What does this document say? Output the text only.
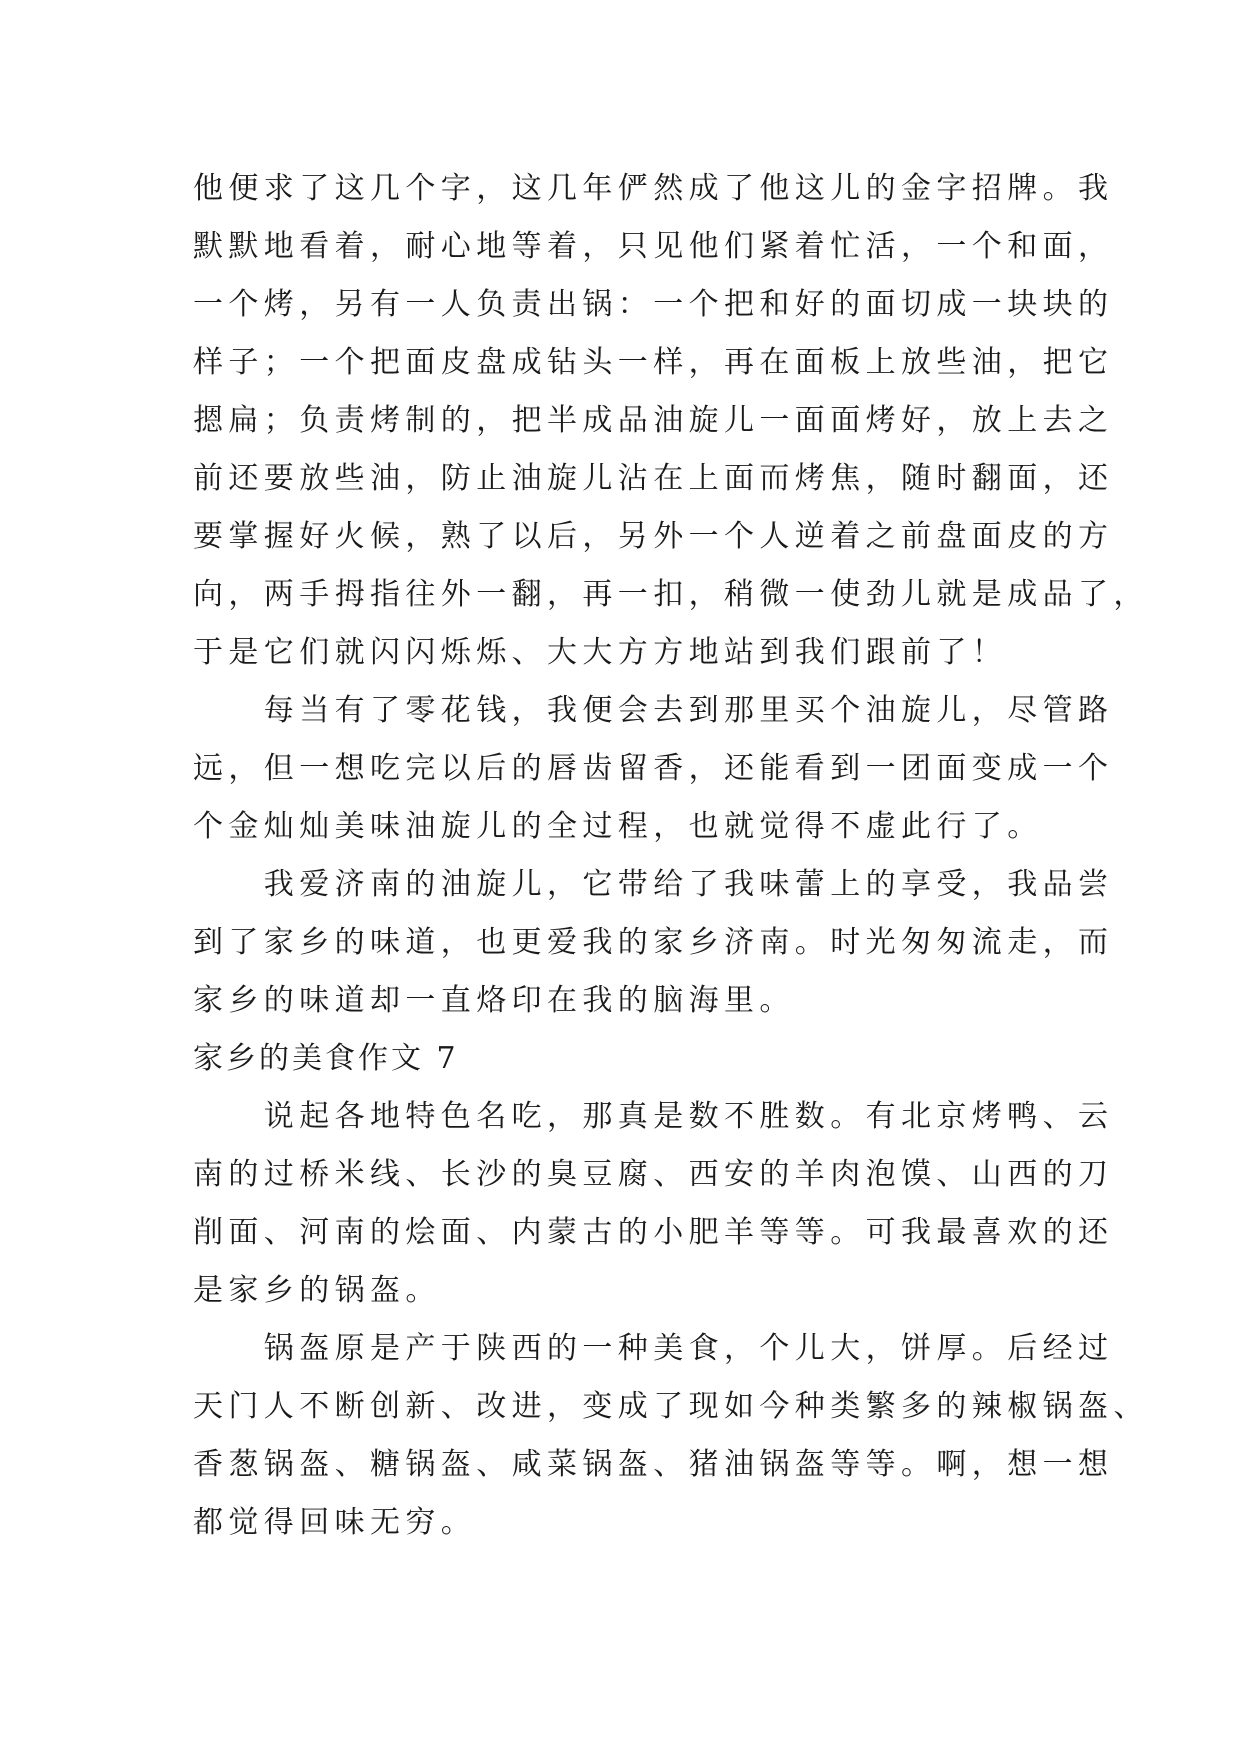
他便求了这几个字，这几年俨然成了他这儿的金字招牌。我
默默地看着，耐心地等着，只见他们紧着忙活，一个和面，
一个烤，另有一人负责出锅：一个把和好的面切成一块块的
样子；一个把面皮盘成钻头一样，再在面板上放些油，把它
摁扁；负责烤制的，把半成品油旋儿一面面烤好，放上去之
前还要放些油，防止油旋儿沾在上面而烤焦，随时翻面，还
要掌握好火候，熟了以后，另外一个人逆着之前盘面皮的方
向，两手拇指往外一翻，再一扣，稍微一使劲儿就是成品了，
于是它们就闪闪烁烁、大大方方地站到我们跟前了！
　　每当有了零花钱，我便会去到那里买个油旋儿，尽管路
远，但一想吃完以后的唇齿留香，还能看到一团面变成一个
个金灿灿美味油旋儿的全过程，也就觉得不虚此行了。
　　我爱济南的油旋儿，它带给了我味蕾上的享受，我品尝
到了家乡的味道，也更爱我的家乡济南。时光匆匆流走，而
家乡的味道却一直烙印在我的脑海里。
家乡的美食作文 7
　　说起各地特色名吃，那真是数不胜数。有北京烤鸭、云
南的过桥米线、长沙的臭豆腐、西安的羊肉泡馍、山西的刀
削面、河南的烩面、内蒙古的小肥羊等等。可我最喜欢的还
是家乡的锅盔。
　　锅盔原是产于陕西的一种美食，个儿大，饼厚。后经过
天门人不断创新、改进，变成了现如今种类繁多的辣椒锅盔、
香葱锅盔、糖锅盔、咸菜锅盔、猪油锅盔等等。啊，想一想
都觉得回味无穷。
